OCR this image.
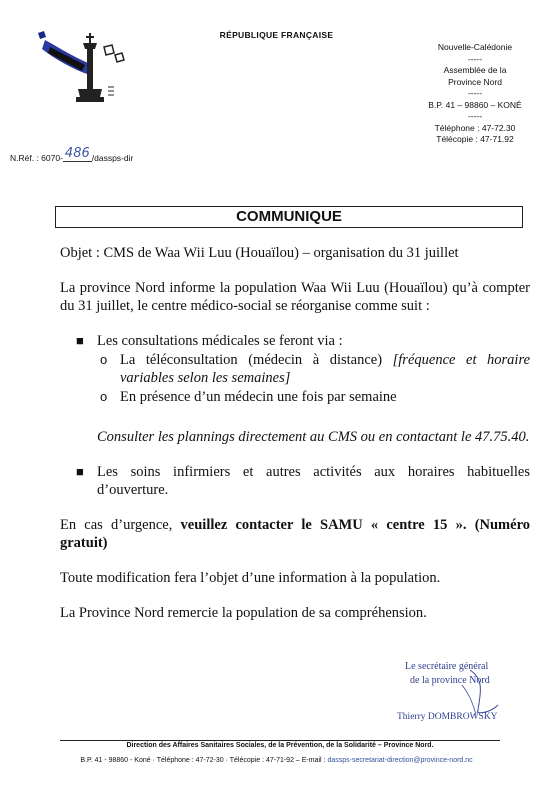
RÉPUBLIQUE FRANÇAISE
Nouvelle-Calédonie
-----
Assemblée de la
Province Nord
-----
B.P. 41 – 98860 – KONÉ
-----
Téléphone : 47-72.30
Télécopie : 47-71.92
N.Réf. : 6070- 486 /dassps-dir
COMMUNIQUE
Objet : CMS de Waa Wii Luu (Houaïlou) – organisation du 31 juillet
La province Nord informe la population Waa Wii Luu (Houaïlou) qu’à compter du 31 juillet, le centre médico-social se réorganise comme suit :
■ Les consultations médicales se feront via :
o La téléconsultation (médecin à distance) [fréquence et horaire variables selon les semaines]
o En présence d’un médecin une fois par semaine
Consulter les plannings directement au CMS ou en contactant le 47.75.40.
■ Les soins infirmiers et autres activités aux horaires habituelles d’ouverture.
En cas d’urgence, veuillez contacter le SAMU « centre 15 ». (Numéro gratuit)
Toute modification fera l’objet d’une information à la population.
La Province Nord remercie la population de sa compréhension.
Le secrétaire général
de la province Nord
Thierry DOMBROWSKY
Direction des Affaires Sanitaires Sociales, de la Prévention, de la Solidarité – Province Nord.
B.P. 41 - 98860 - Koné · Téléphone : 47-72-30 · Télécopie : 47-71-92 – E-mail : dassps-secretariat-direction@province-nord.nc
